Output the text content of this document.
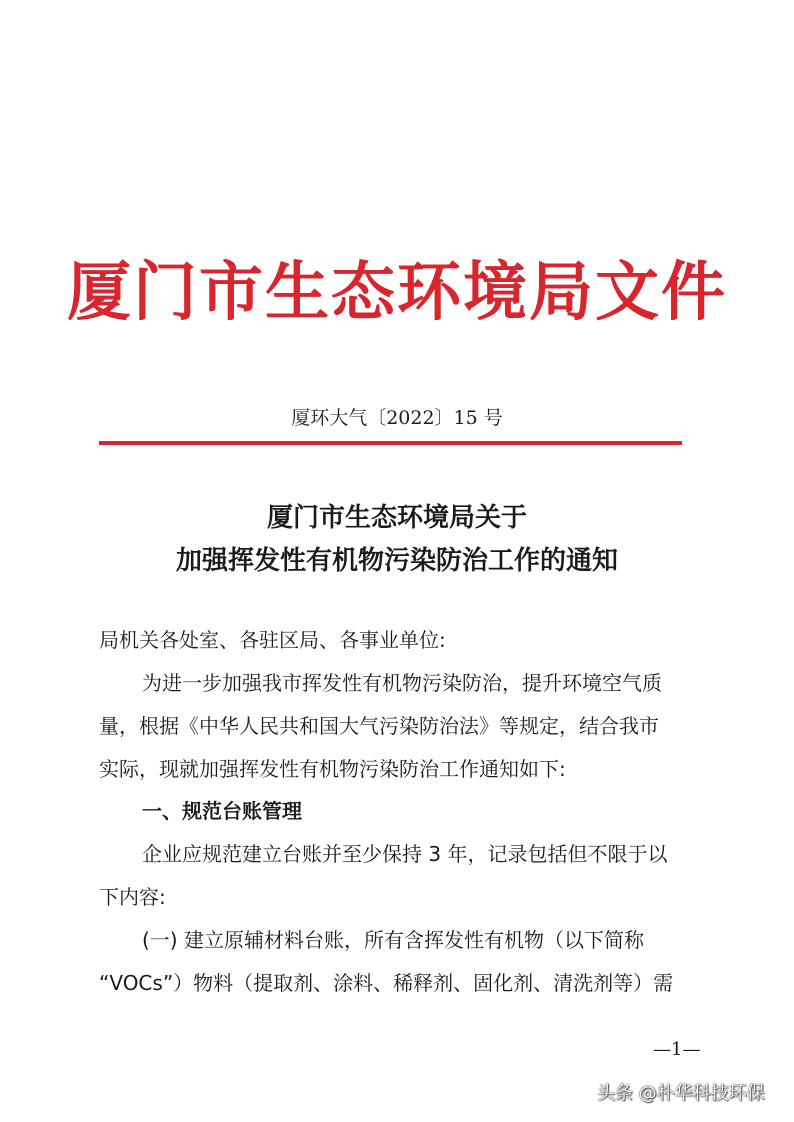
厦门市生态环境局文件
厦环大气〔2022〕15 号
厦门市生态环境局关于
加强挥发性有机物污染防治工作的通知
局机关各处室、各驻区局、各事业单位:
为进一步加强我市挥发性有机物污染防治，提升环境空气质
量，根据《中华人民共和国大气污染防治法》等规定，结合我市
实际，现就加强挥发性有机物污染防治工作通知如下:
一、规范台账管理
企业应规范建立台账并至少保持 3 年，记录包括但不限于以
下内容:
(一) 建立原辅材料台账，所有含挥发性有机物（以下简称
“VOCs”）物料（提取剂、涂料、稀释剂、固化剂、清洗剂等）需
—1—
头条 @朴华科技环保
